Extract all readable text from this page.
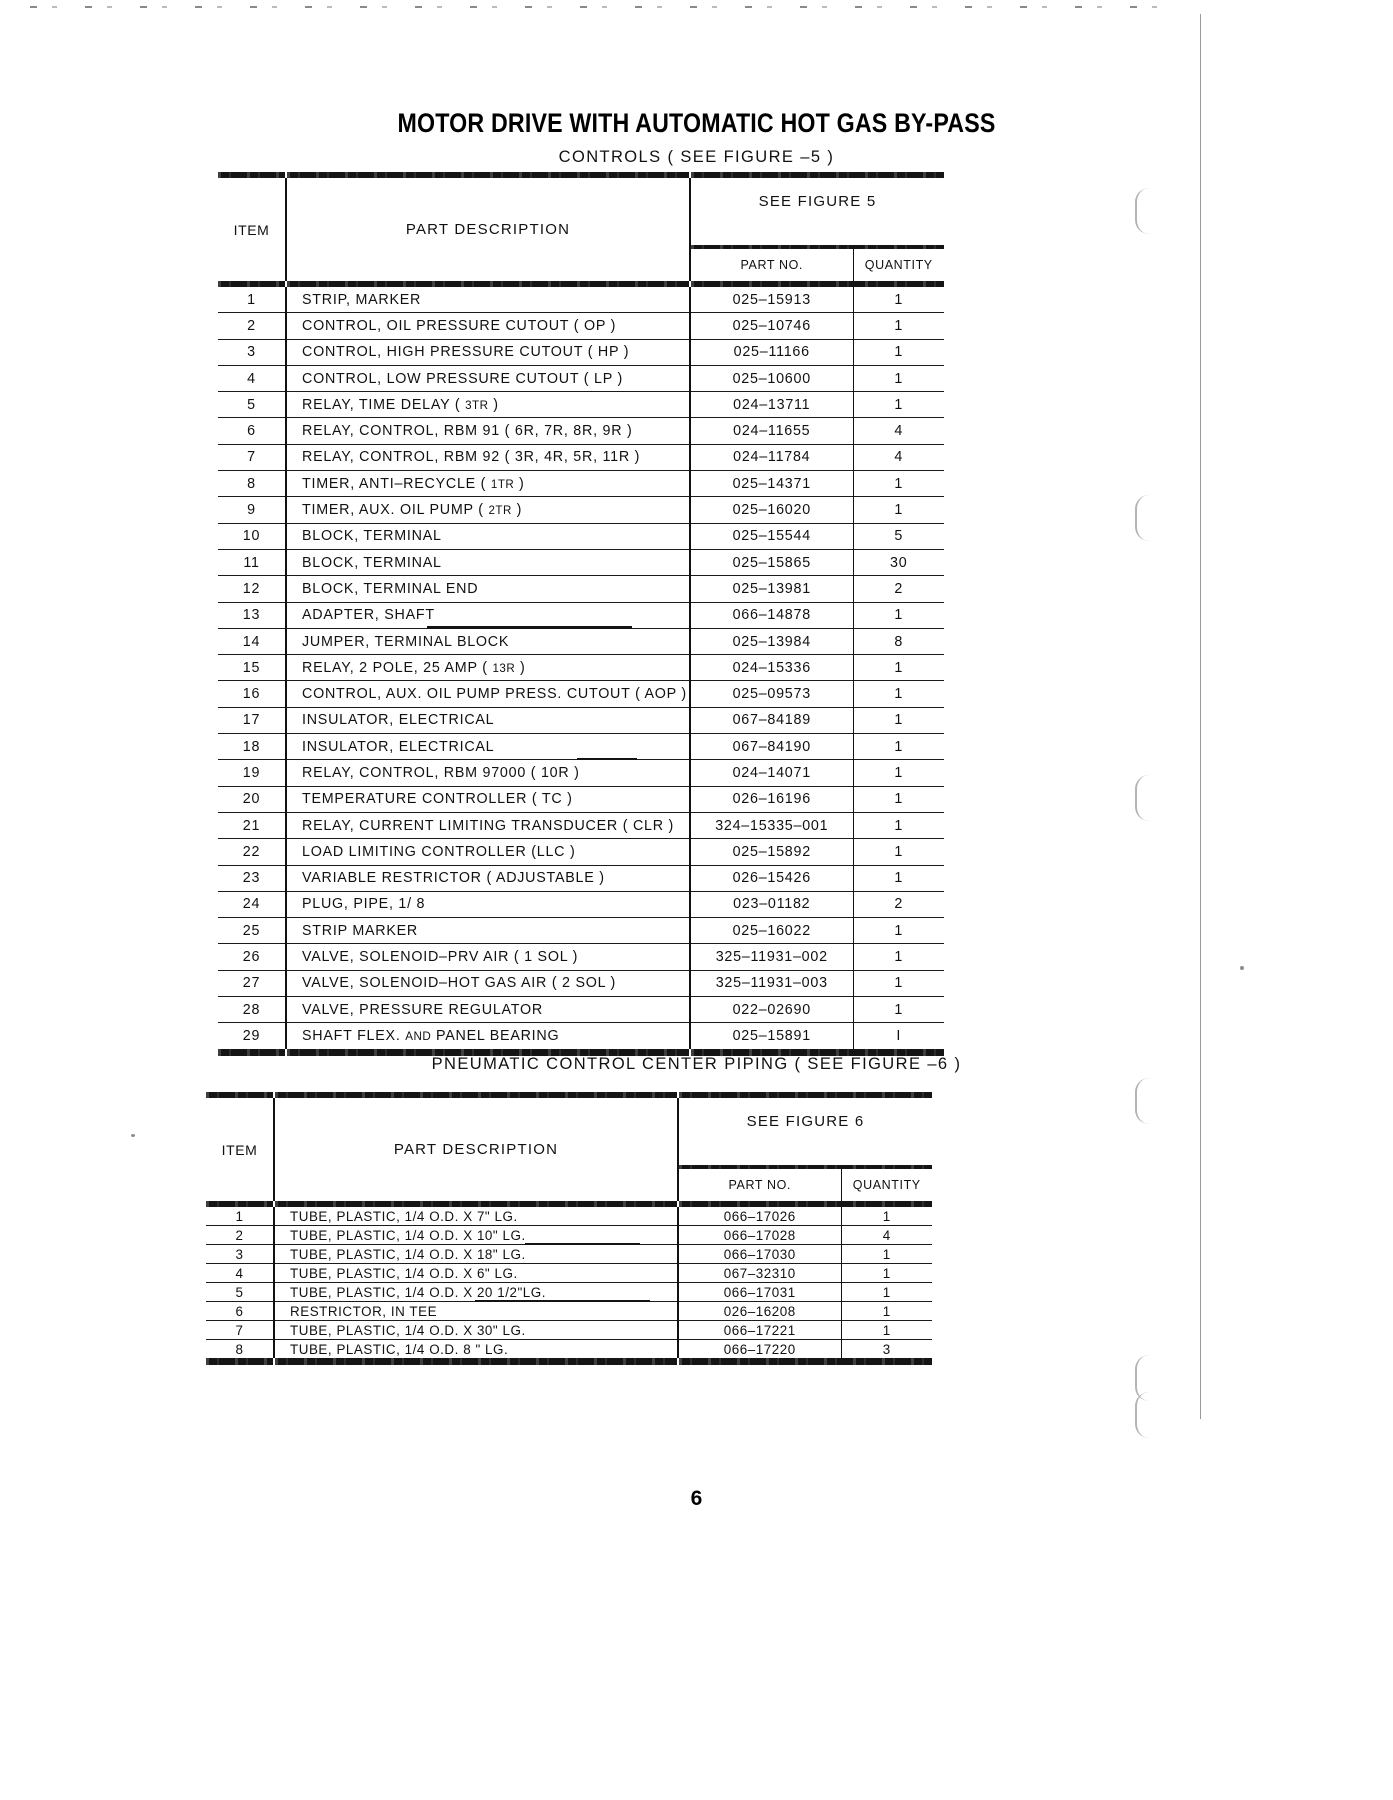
MOTOR DRIVE WITH AUTOMATIC HOT GAS BY-PASS
CONTROLS ( SEE FIGURE –5 )

ITEM	PART DESCRIPTION	SEE FIGURE 5	

		PART NO.	QUANTITY

1	STRIP, MARKER	025–15913	1
2	CONTROL, OIL PRESSURE CUTOUT ( OP )	025–10746	1
3	CONTROL, HIGH PRESSURE CUTOUT ( HP )	025–11166	1
4	CONTROL, LOW PRESSURE CUTOUT ( LP )	025–10600	1
5	RELAY, TIME DELAY ( 3TR )	024–13711	1
6	RELAY, CONTROL, RBM 91 ( 6R, 7R, 8R, 9R )	024–11655	4
7	RELAY, CONTROL, RBM 92 ( 3R, 4R, 5R, 11R )	024–11784	4
8	TIMER, ANTI–RECYCLE ( 1TR )	025–14371	1
9	TIMER, AUX. OIL PUMP ( 2TR )	025–16020	1
10	BLOCK, TERMINAL	025–15544	5
11	BLOCK, TERMINAL	025–15865	30
12	BLOCK, TERMINAL END	025–13981	2
13	ADAPTER, SHAFT	066–14878	1
14	JUMPER, TERMINAL BLOCK	025–13984	8
15	RELAY, 2 POLE, 25 AMP ( 13R )	024–15336	1
16	CONTROL, AUX. OIL PUMP PRESS. CUTOUT ( AOP )	025–09573	1
17	INSULATOR, ELECTRICAL	067–84189	1
18	INSULATOR, ELECTRICAL	067–84190	1
19	RELAY, CONTROL, RBM 97000 ( 10R )	024–14071	1
20	TEMPERATURE CONTROLLER ( TC )	026–16196	1
21	RELAY, CURRENT LIMITING TRANSDUCER ( CLR )	324–15335–001	1
22	LOAD LIMITING CONTROLLER (LLC )	025–15892	1
23	VARIABLE RESTRICTOR ( ADJUSTABLE )	026–15426	1
24	PLUG, PIPE, 1/ 8	023–01182	2
25	STRIP MARKER	025–16022	1
26	VALVE, SOLENOID–PRV AIR ( 1 SOL )	325–11931–002	1
27	VALVE, SOLENOID–HOT GAS AIR ( 2 SOL )	325–11931–003	1
28	VALVE, PRESSURE REGULATOR	022–02690	1
29	SHAFT FLEX. AND PANEL BEARING	025–15891	I

PNEUMATIC CONTROL CENTER PIPING ( SEE FIGURE –6 )

ITEM	PART DESCRIPTION	SEE FIGURE 6	

		PART NO.	QUANTITY

1	TUBE, PLASTIC, 1/4 O.D. X 7" LG.	066–17026	1
2	TUBE, PLASTIC, 1/4 O.D. X 10" LG.	066–17028	4
3	TUBE, PLASTIC, 1/4 O.D. X 18" LG.	066–17030	1
4	TUBE, PLASTIC, 1/4 O.D. X 6" LG.	067–32310	1
5	TUBE, PLASTIC, 1/4 O.D. X 20 1/2"LG.	066–17031	1
6	RESTRICTOR, IN TEE	026–16208	1
7	TUBE, PLASTIC, 1/4 O.D. X 30" LG.	066–17221	1
8	TUBE, PLASTIC, 1/4 O.D. 8 " LG.	066–17220	3

6
